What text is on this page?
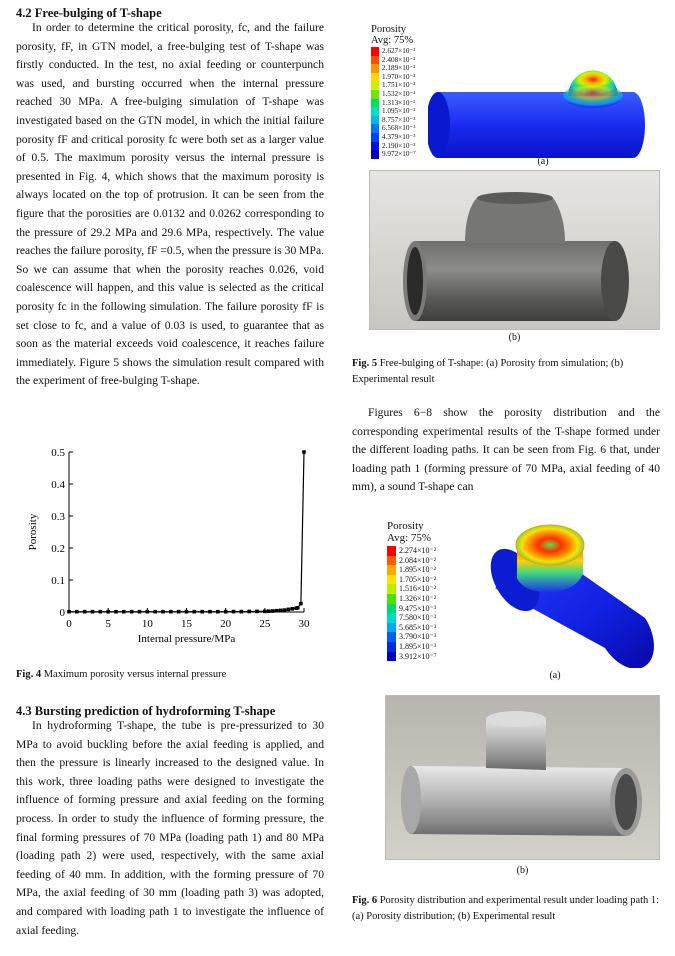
4.2 Free-bulging of T-shape

In order to determine the critical porosity, fc, and the failure porosity, fF, in GTN model, a free-bulging test of T-shape was firstly conducted. In the test, no axial feeding or counterpunch was used, and bursting occurred when the internal pressure reached 30 MPa. A free-bulging simulation of T-shape was investigated based on the GTN model, in which the initial failure porosity fF and critical porosity fc were both set as a larger value of 0.5. The maximum porosity versus the internal pressure is presented in Fig. 4, which shows that the maximum porosity is always located on the top of protrusion. It can be seen from the figure that the porosities are 0.0132 and 0.0262 corresponding to the pressure of 29.2 MPa and 29.6 MPa, respectively. The value reaches the failure porosity, fF =0.5, when the pressure is 30 MPa. So we can assume that when the porosity reaches 0.026, void coalescence will happen, and this value is selected as the critical porosity fc in the following simulation. The failure porosity fF is set close to fc, and a value of 0.03 is used, to guarantee that as soon as the material exceeds void coalescence, it reaches failure immediately. Figure 5 shows the simulation result compared with the experiment of free-bulging T-shape.

0	5	10	15	20	25	30
0
0.1
0.2
0.3
0.4
0.5
Internal pressure/MPa
Porosity
Fig. 4 Maximum porosity versus internal pressure
4.3 Bursting prediction of hydroforming T-shape

In hydroforming T-shape, the tube is pre-pressurized to 30 MPa to avoid buckling before the axial feeding is applied, and then the pressure is linearly increased to the designed value. In this work, three loading paths were designed to investigate the influence of forming pressure and axial feeding on the forming process. In order to study the influence of forming pressure, the final forming pressures of 70 MPa (loading path 1) and 80 MPa (loading path 2) were used, respectively, with the same axial feeding of 40 mm. In addition, with the forming pressure of 70 MPa, the axial feeding of 30 mm (loading path 3) was adopted, and compared with loading path 1 to investigate the influence of axial feeding.

Porosity
Avg: 75%
2.627×10⁻²
2.408×10⁻²
2.189×10⁻²
1.970×10⁻²
1.751×10⁻²
1.532×10⁻²
1.313×10⁻²
1.095×10⁻²
8.757×10⁻³
6.568×10⁻³
4.379×10⁻³
2.190×10⁻³
9.972×10⁻⁷
(a)
(b)
Fig. 5 Free-bulging of T-shape: (a) Porosity from simulation; (b) Experimental result

Figures 6−8 show the porosity distribution and the corresponding experimental results of the T-shape formed under the different loading paths. It can be seen from Fig. 6 that, under loading path 1 (forming pressure of 70 MPa, axial feeding of 40 mm), a sound T-shape can

Porosity
Avg: 75%
2.274×10⁻²
2.084×10⁻²
1.895×10⁻²
1.705×10⁻²
1.516×10⁻²
1.326×10⁻²
9.475×10⁻³
7.580×10⁻³
5.685×10⁻³
3.790×10⁻³
1.895×10⁻³
3.912×10⁻⁷
(a)
(b)
Fig. 6 Porosity distribution and experimental result under loading path 1: (a) Porosity distribution; (b) Experimental result
